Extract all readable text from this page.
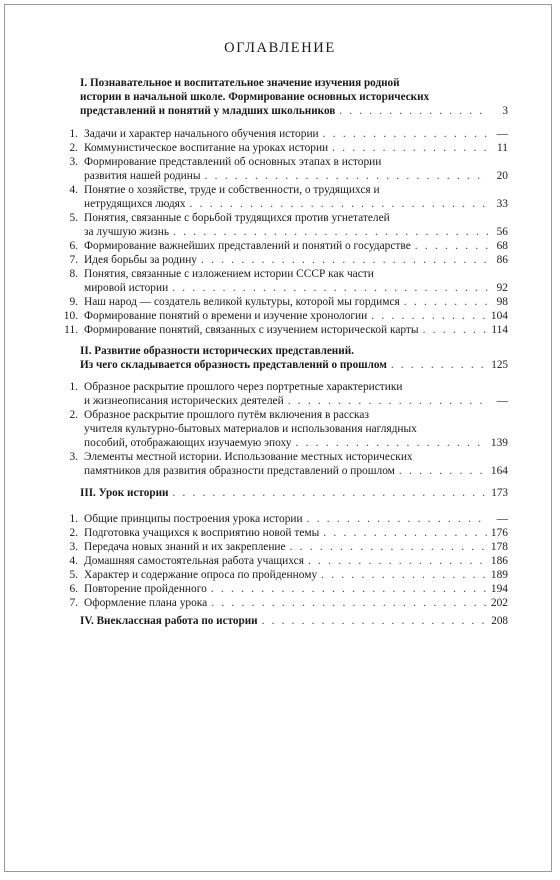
ОГЛАВЛЕНИЕ
I. Познавательное и воспитательное значение изучения родной
истории в начальной школе. Формирование основных исторических
представлений и понятий у младших школьников . . .	3
1. Задачи и характер начального обучения истории . . .	—
2. Коммунистическое воспитание на уроках истории . . .	11
3. Формирование представлений об основных этапах в истории
развития нашей родины . . .	20
4. Понятие о хозяйстве, труде и собственности, о трудящихся и
нетрудящихся людях . . .	33
5. Понятия, связанные с борьбой трудящихся против угнетателей
за лучшую жизнь . . .	56
6. Формирование важнейших представлений и понятий о государстве . . .	68
7. Идея борьбы за родину . . .	86
8. Понятия, связанные с изложением истории СССР как части
мировой истории . . .	92
9. Наш народ — создатель великой культуры, которой мы гордимся . . .	98
10. Формирование понятий о времени и изучение хронологии . . .	104
11. Формирование понятий, связанных с изучением исторической карты . . .	114
II. Развитие образности исторических представлений.
Из чего складывается образность представлений о прошлом . . .	125
1. Образное раскрытие прошлого через портретные характеристики
и жизнеописания исторических деятелей . . .	—
2. Образное раскрытие прошлого путём включения в рассказ
учителя культурно-бытовых материалов и использования наглядных
пособий, отображающих изучаемую эпоху . . .	139
3. Элементы местной истории. Использование местных исторических
памятников для развития образности представлений о прошлом . . .	164
III. Урок истории . . .	173
1. Общие принципы построения урока истории . . .	—
2. Подготовка учащихся к восприятию новой темы . . .	176
3. Передача новых знаний и их закрепление . . .	178
4. Домашняя самостоятельная работа учащихся . . .	186
5. Характер и содержание опроса по пройденному . . .	189
6. Повторение пройденного . . .	194
7. Оформление плана урока . . .	202
IV. Внеклассная работа по истории . . .	208
